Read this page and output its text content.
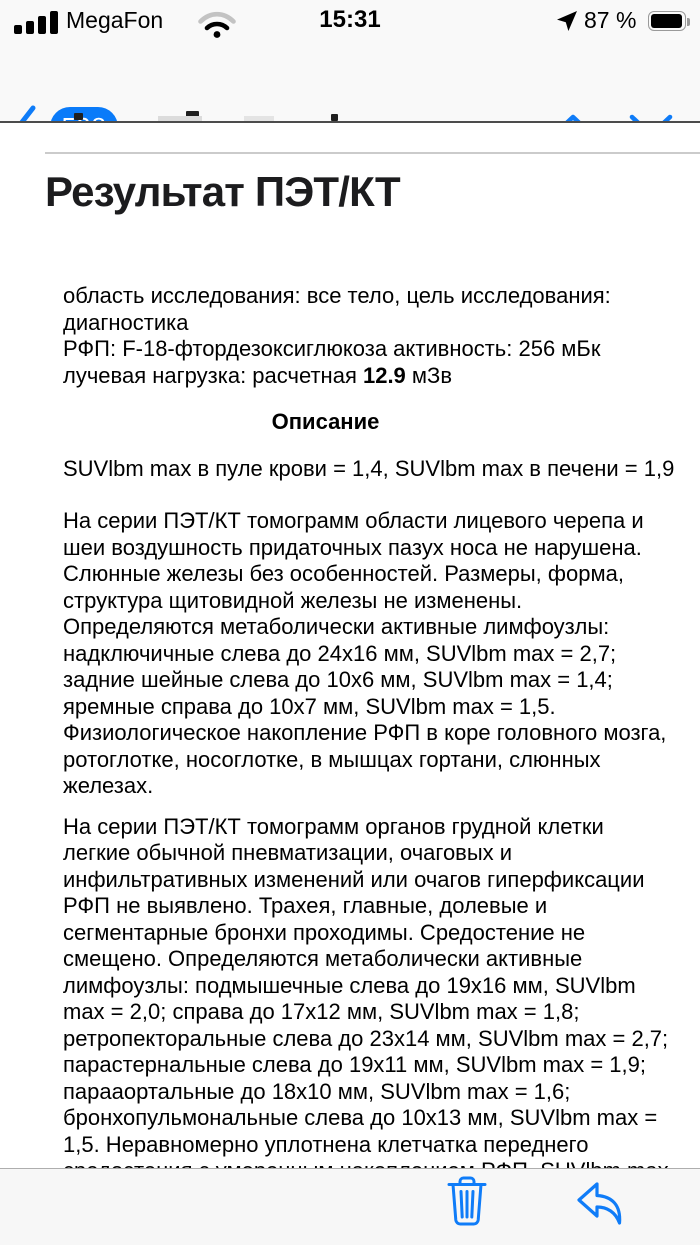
MegaFon	15:31	87 %
Результат ПЭТ/КТ
область исследования: все тело, цель исследования:
диагностика
РФП: F-18-фтордезоксиглюкоза активность: 256 мБк
лучевая нагрузка: расчетная 12.9 мЗв
Описание
SUVlbm max в пуле крови = 1,4, SUVlbm max в печени = 1,9
На серии ПЭТ/КТ томограмм области лицевого черепа и
шеи воздушность придаточных пазух носа не нарушена.
Слюнные железы без особенностей. Размеры, форма,
структура щитовидной железы не изменены.
Определяются метаболически активные лимфоузлы:
надключичные слева до 24х16 мм, SUVlbm max = 2,7;
задние шейные слева до 10х6 мм, SUVlbm max = 1,4;
яремные справа до 10х7 мм, SUVlbm max = 1,5.
Физиологическое накопление РФП в коре головного мозга,
ротоглотке, носоглотке, в мышцах гортани, слюнных
железах.
На серии ПЭТ/КТ томограмм органов грудной клетки
легкие обычной пневматизации, очаговых и
инфильтративных изменений или очагов гиперфиксации
РФП не выявлено. Трахея, главные, долевые и
сегментарные бронхи проходимы. Средостение не
смещено. Определяются метаболически активные
лимфоузлы: подмышечные слева до 19х16 мм, SUVlbm
max = 2,0; справа до 17х12 мм, SUVlbm max = 1,8;
ретропекторальные слева до 23х14 мм, SUVlbm max = 2,7;
парастернальные слева до 19х11 мм, SUVlbm max = 1,9;
парааортальные до 18х10 мм, SUVlbm max = 1,6;
бронхопульмональные слева до 10х13 мм, SUVlbm max =
1,5. Неравномерно уплотнена клетчатка переднего
